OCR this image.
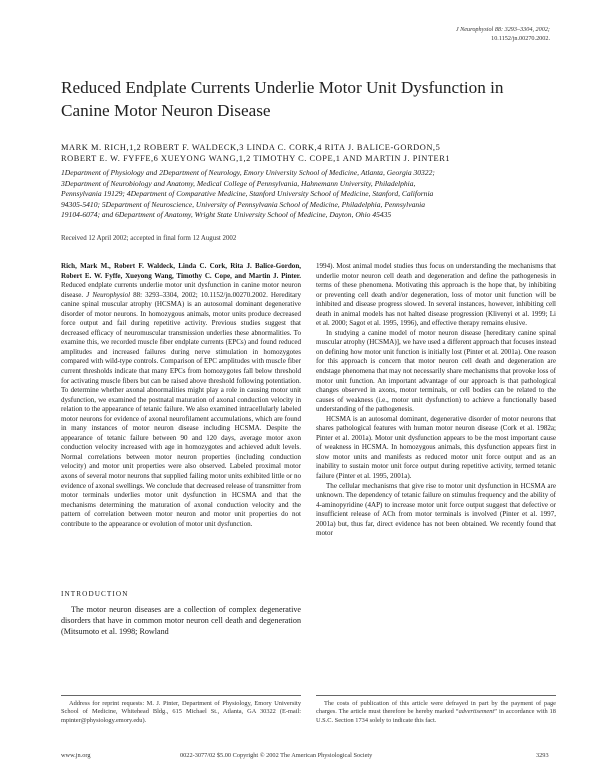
J Neurophysiol 88: 3293–3304, 2002;
10.1152/jn.00270.2002.
Reduced Endplate Currents Underlie Motor Unit Dysfunction in
Canine Motor Neuron Disease
MARK M. RICH,1,2 ROBERT F. WALDECK,3 LINDA C. CORK,4 RITA J. BALICE-GORDON,5
ROBERT E. W. FYFFE,6 XUEYONG WANG,1,2 TIMOTHY C. COPE,1 AND MARTIN J. PINTER1
1Department of Physiology and 2Department of Neurology, Emory University School of Medicine, Atlanta, Georgia 30322;
3Department of Neurobiology and Anatomy, Medical College of Pennsylvania, Hahnemann University, Philadelphia,
Pennsylvania 19129; 4Department of Comparative Medicine, Stanford University School of Medicine, Stanford, California
94305-5410; 5Department of Neuroscience, University of Pennsylvania School of Medicine, Philadelphia, Pennsylvania
19104-6074; and 6Department of Anatomy, Wright State University School of Medicine, Dayton, Ohio 45435
Received 12 April 2002; accepted in final form 12 August 2002
Rich, Mark M., Robert F. Waldeck, Linda C. Cork, Rita J. Balice-Gordon, Robert E. W. Fyffe, Xueyong Wang, Timothy C. Cope, and Martin J. Pinter. Reduced endplate currents underlie motor unit dysfunction in canine motor neuron disease. J Neurophysiol 88: 3293–3304, 2002; 10.1152/jn.00270.2002. Hereditary canine spinal muscular atrophy (HCSMA) is an autosomal dominant degenerative disorder of motor neurons. In homozygous animals, motor units produce decreased force output and fail during repetitive activity. Previous studies suggest that decreased efficacy of neuromuscular transmission underlies these abnormalities. To examine this, we recorded muscle fiber endplate currents (EPCs) and found reduced amplitudes and increased failures during nerve stimulation in homozygotes compared with wild-type controls. Comparison of EPC amplitudes with muscle fiber current thresholds indicate that many EPCs from homozygotes fall below threshold for activating muscle fibers but can be raised above threshold following potentiation. To determine whether axonal abnormalities might play a role in causing motor unit dysfunction, we examined the postnatal maturation of axonal conduction velocity in relation to the appearance of tetanic failure. We also examined intracellularly labeled motor neurons for evidence of axonal neurofilament accumulations, which are found in many instances of motor neuron disease including HCSMA. Despite the appearance of tetanic failure between 90 and 120 days, average motor axon conduction velocity increased with age in homozygotes and achieved adult levels. Normal correlations between motor neuron properties (including conduction velocity) and motor unit properties were also observed. Labeled proximal motor axons of several motor neurons that supplied failing motor units exhibited little or no evidence of axonal swellings. We conclude that decreased release of transmitter from motor terminals underlies motor unit dysfunction in HCSMA and that the mechanisms determining the maturation of axonal conduction velocity and the pattern of correlation between motor neuron and motor unit properties do not contribute to the appearance or evolution of motor unit dysfunction.
INTRODUCTION
The motor neuron diseases are a collection of complex degenerative disorders that have in common motor neuron cell death and degeneration (Mitsumoto et al. 1998; Rowland

1994). Most animal model studies thus focus on understanding the mechanisms that underlie motor neuron cell death and degeneration and define the pathogenesis in terms of these phenomena. Motivating this approach is the hope that, by inhibiting or preventing cell death and/or degeneration, loss of motor unit function will be inhibited and disease progress slowed. In several instances, however, inhibiting cell death in animal models has not halted disease progression (Klivenyi et al. 1999; Li et al. 2000; Sagot et al. 1995, 1996), and effective therapy remains elusive.

In studying a canine model of motor neuron disease [hereditary canine spinal muscular atrophy (HCSMA)], we have used a different approach that focuses instead on defining how motor unit function is initially lost (Pinter et al. 2001a). One reason for this approach is concern that motor neuron cell death and degeneration are endstage phenomena that may not necessarily share mechanisms that provoke loss of motor unit function. An important advantage of our approach is that pathological changes observed in axons, motor terminals, or cell bodies can be related to the causes of weakness (i.e., motor unit dysfunction) to achieve a functionally based understanding of the pathogenesis.

HCSMA is an autosomal dominant, degenerative disorder of motor neurons that shares pathological features with human motor neuron disease (Cork et al. 1982a; Pinter et al. 2001a). Motor unit dysfunction appears to be the most important cause of weakness in HCSMA. In homozygous animals, this dysfunction appears first in slow motor units and manifests as reduced motor unit force output and as an inability to sustain motor unit force output during repetitive activity, termed tetanic failure (Pinter et al. 1995, 2001a).

The cellular mechanisms that give rise to motor unit dysfunction in HCSMA are unknown. The dependency of tetanic failure on stimulus frequency and the ability of 4-aminopyridine (4AP) to increase motor unit force output suggest that defective or insufficient release of ACh from motor terminals is involved (Pinter et al. 1997, 2001a) but, thus far, direct evidence has not been obtained. We recently found that motor

Address for reprint requests: M. J. Pinter, Department of Physiology, Emory University School of Medicine, Whitehead Bldg., 615 Michael St., Atlanta, GA 30322 (E-mail: mpinter@physiology.emory.edu).
The costs of publication of this article were defrayed in part by the payment of page charges. The article must therefore be hereby marked “advertisement” in accordance with 18 U.S.C. Section 1734 solely to indicate this fact.
www.jn.org	0022-3077/02 $5.00 Copyright © 2002 The American Physiological Society	3293
